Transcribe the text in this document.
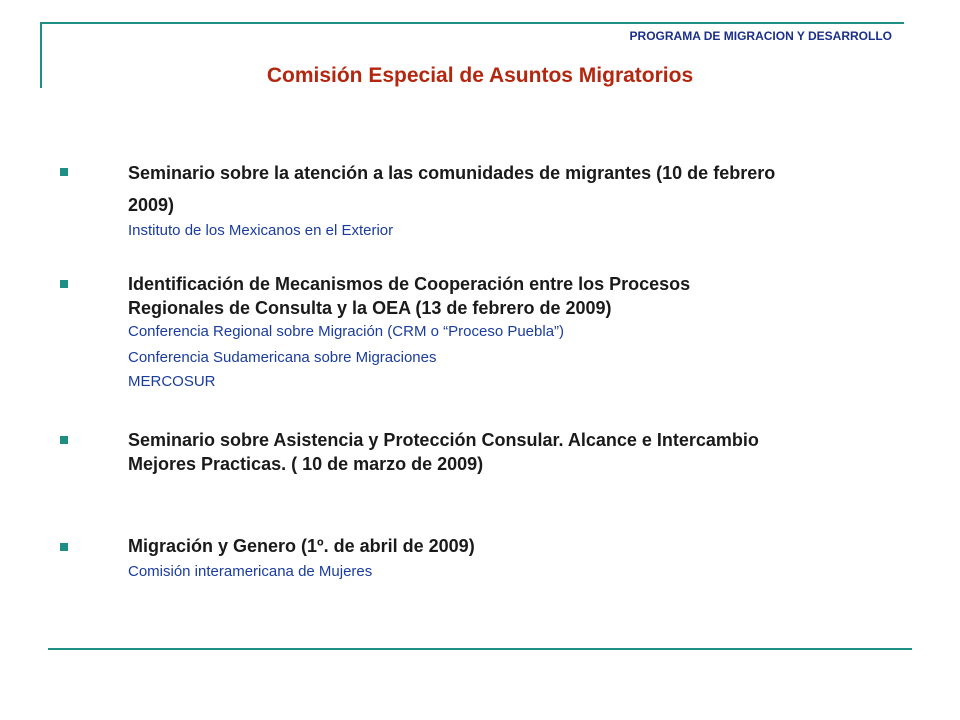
PROGRAMA DE MIGRACION Y DESARROLLO
Comisión Especial de Asuntos Migratorios
Seminario sobre la atención a las comunidades de migrantes (10 de febrero
2009)
Instituto de los Mexicanos en el Exterior
Identificación de Mecanismos de Cooperación entre los Procesos
Regionales de Consulta y la OEA (13 de febrero de 2009)
Conferencia Regional sobre Migración (CRM o “Proceso Puebla”)
Conferencia Sudamericana sobre Migraciones
MERCOSUR
Seminario sobre Asistencia y Protección Consular. Alcance e Intercambio
Mejores Practicas. ( 10 de marzo de 2009)
Migración y Genero (1º. de abril de 2009)
Comisión interamericana de Mujeres
